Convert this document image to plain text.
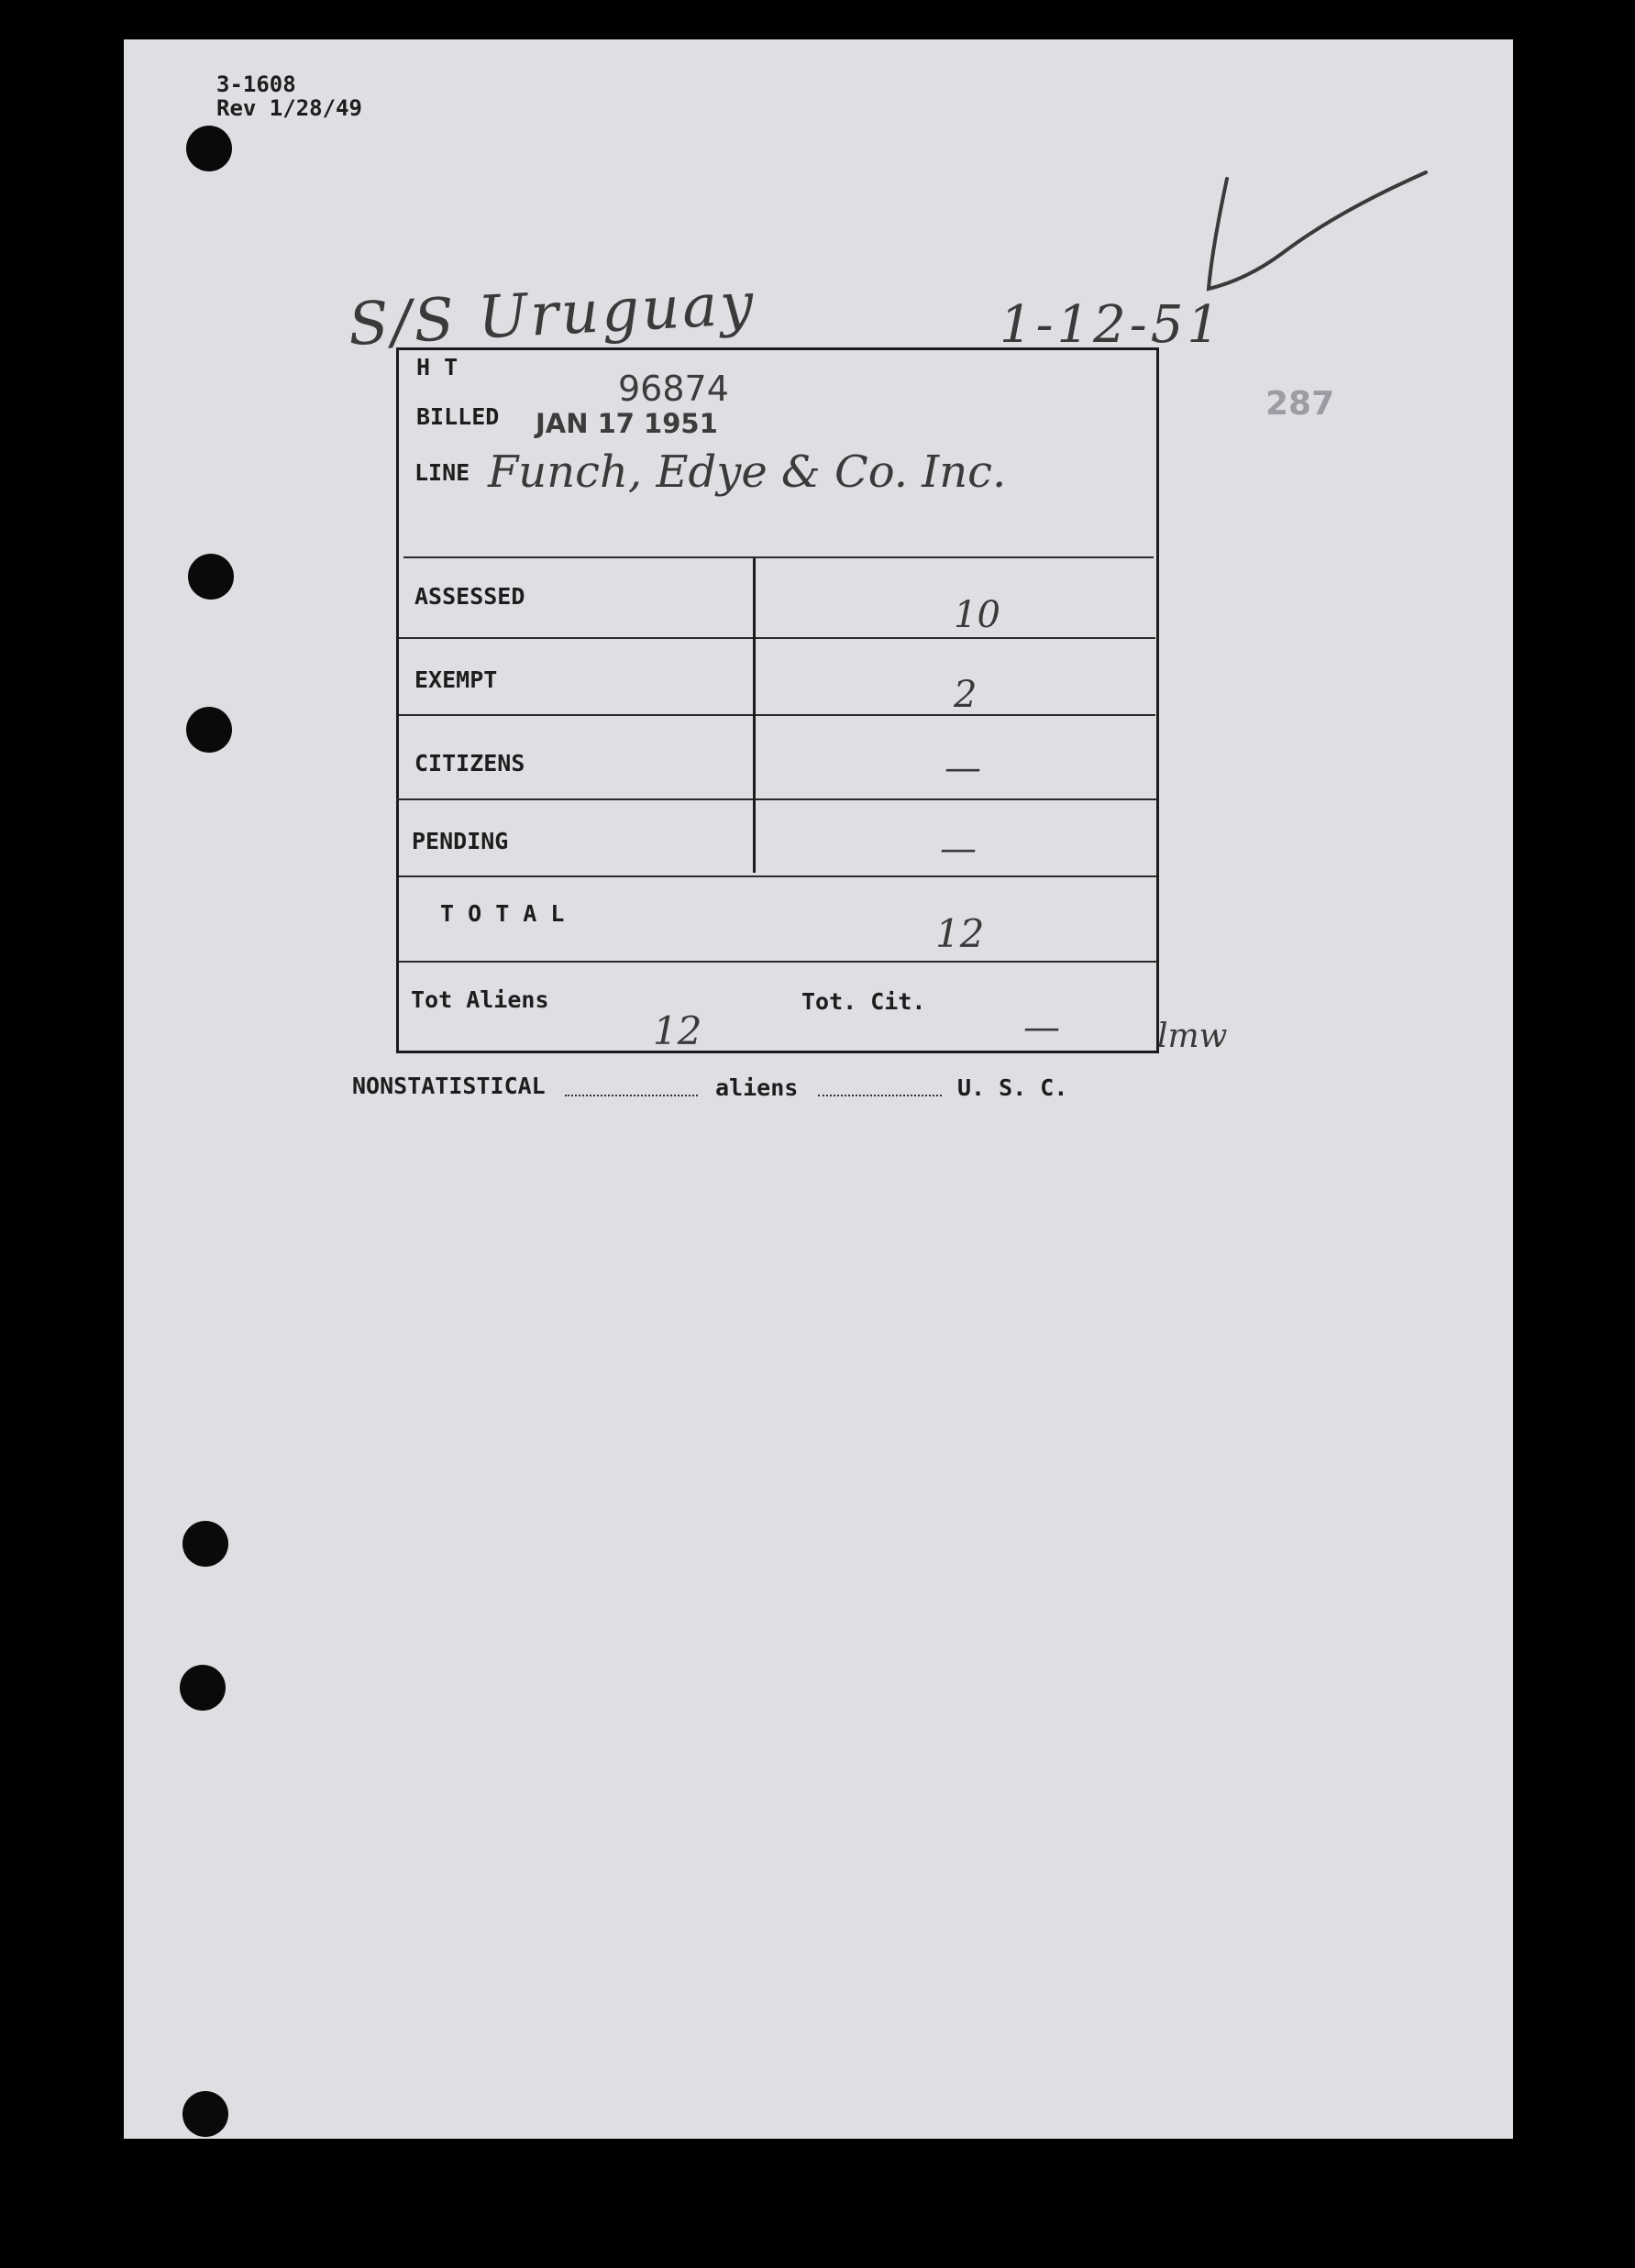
3-1608
Rev 1/28/49
S/S Uruguay	1-12-51
287
H T
96874
BILLED JAN 17 1951
LINE Funch, Edye & Co. Inc.
ASSESSED	10
EXEMPT	2
CITIZENS	—
PENDING	—
T O T A L	12
Tot Aliens
12
Tot. Cit.
—	lmw
NONSTATISTICAL	aliens	U. S. C.
